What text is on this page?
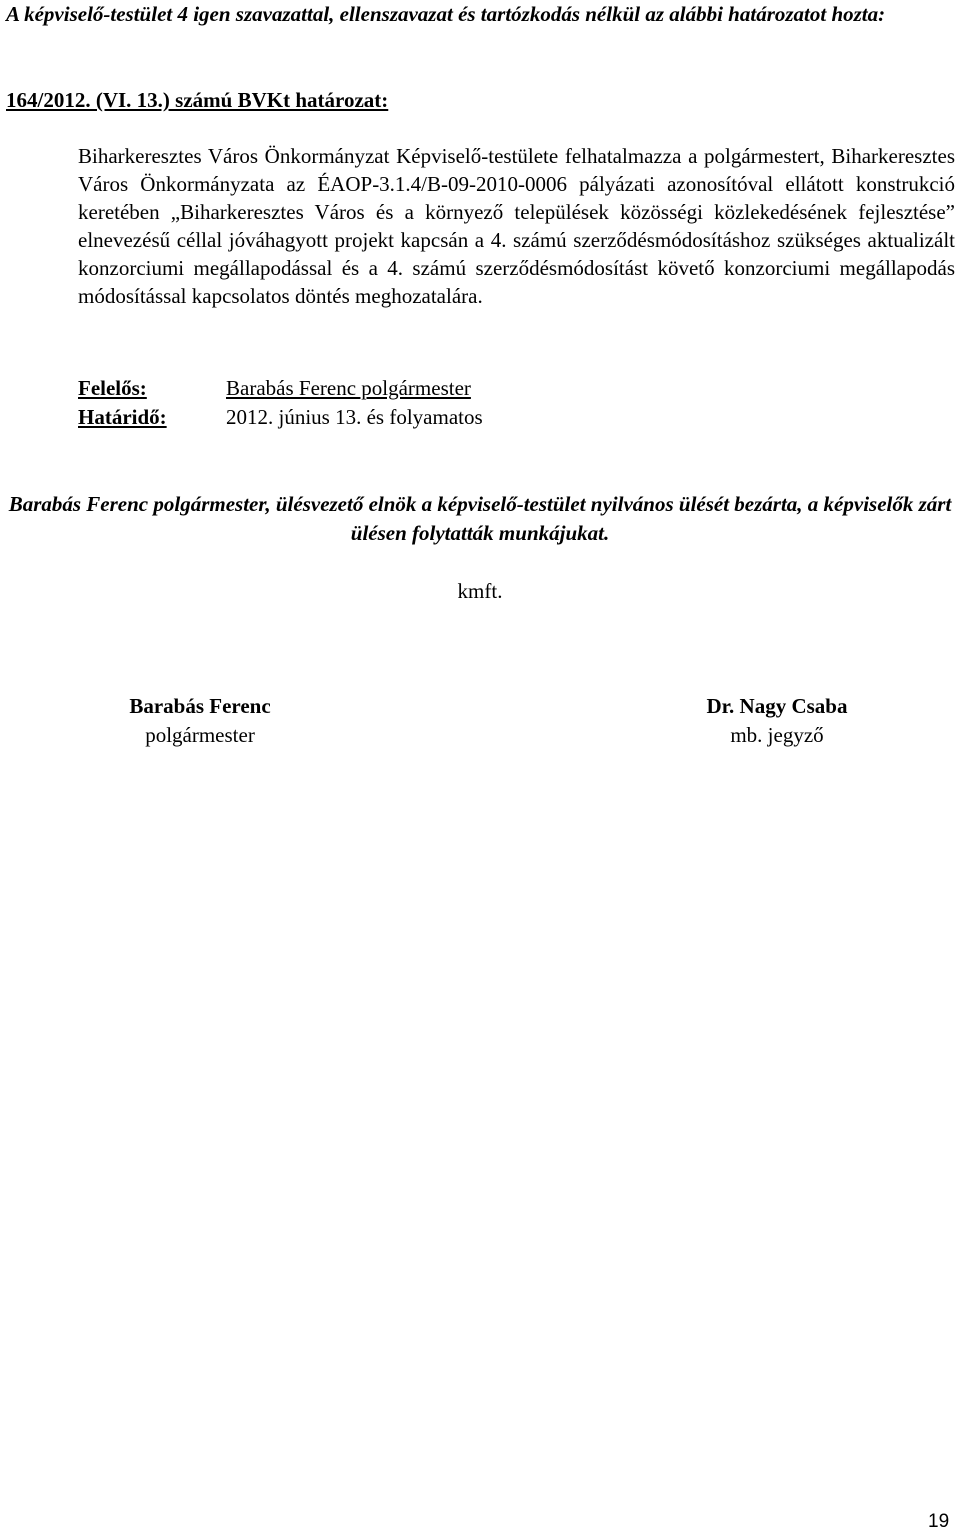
A képviselő-testület 4 igen szavazattal, ellenszavazat és tartózkodás nélkül az alábbi határozatot hozta:

164/2012. (VI. 13.) számú BVKt határozat:

Biharkeresztes Város Önkormányzat Képviselő-testülete felhatalmazza a polgármestert, Biharkeresztes Város Önkormányzata az ÉAOP-3.1.4/B-09-2010-0006 pályázati azonosítóval ellátott konstrukció keretében „Biharkeresztes Város és a környező települések közösségi közlekedésének fejlesztése” elnevezésű céllal jóváhagyott projekt kapcsán a 4. számú szerződésmódosításhoz szükséges aktualizált konzorciumi megállapodással és a 4. számú szerződésmódosítást követő konzorciumi megállapodás módosítással kapcsolatos döntés meghozatalára.

Felelős:	Barabás Ferenc polgármester

Határidő:	2012. június 13. és folyamatos

Barabás Ferenc polgármester, ülésvezető elnök a képviselő-testület nyilvános ülését bezárta, a képviselők zárt ülésen folytatták munkájukat.

kmft.

Barabás Ferenc
polgármester
Dr. Nagy Csaba
mb. jegyző
19
